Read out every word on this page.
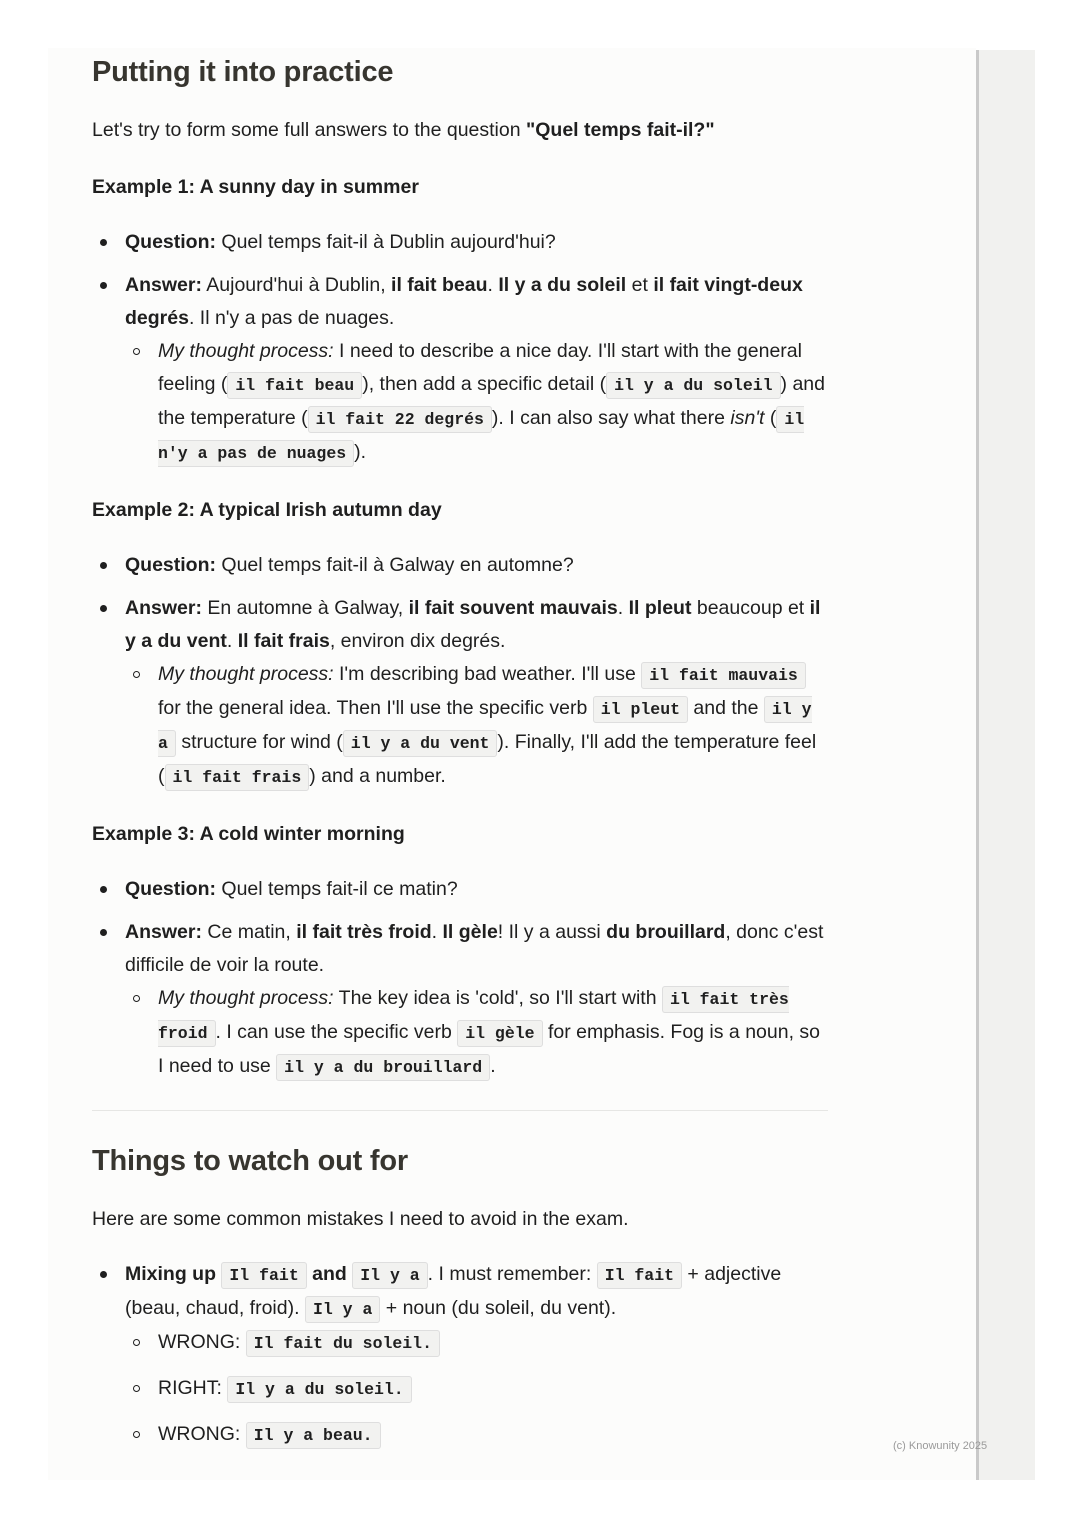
Putting it into practice

Let's try to form some full answers to the question "Quel temps fait-il?"

Example 1: A sunny day in summer

Question: Quel temps fait-il à Dublin aujourd'hui?
Answer: Aujourd'hui à Dublin, il fait beau. Il y a du soleil et il fait vingt-deux degrés. Il n'y a pas de nuages.
My thought process: I need to describe a nice day. I'll start with the general feeling ( il fait beau ), then add a specific detail ( il y a du soleil ) and the temperature ( il fait 22 degrés ). I can also say what there isn't ( il n'y a pas de nuages ).

Example 2: A typical Irish autumn day

Question: Quel temps fait-il à Galway en automne?
Answer: En automne à Galway, il fait souvent mauvais. Il pleut beaucoup et il y a du vent. Il fait frais, environ dix degrés.
My thought process: I'm describing bad weather. I'll use il fait mauvais for the general idea. Then I'll use the specific verb il pleut and the il y a structure for wind ( il y a du vent ). Finally, I'll add the temperature feel ( il fait frais ) and a number.

Example 3: A cold winter morning

Question: Quel temps fait-il ce matin?
Answer: Ce matin, il fait très froid. Il gèle! Il y a aussi du brouillard, donc c'est difficile de voir la route.
My thought process: The key idea is 'cold', so I'll start with il fait très froid . I can use the specific verb il gèle for emphasis. Fog is a noun, so I need to use il y a du brouillard .
Things to watch out for

Here are some common mistakes I need to avoid in the exam.

Mixing up Il fait and Il y a . I must remember: Il fait + adjective (beau, chaud, froid). Il y a + noun (du soleil, du vent).
WRONG: Il fait du soleil.
RIGHT: Il y a du soleil.
WRONG: Il y a beau.
(c) Knowunity 2025
